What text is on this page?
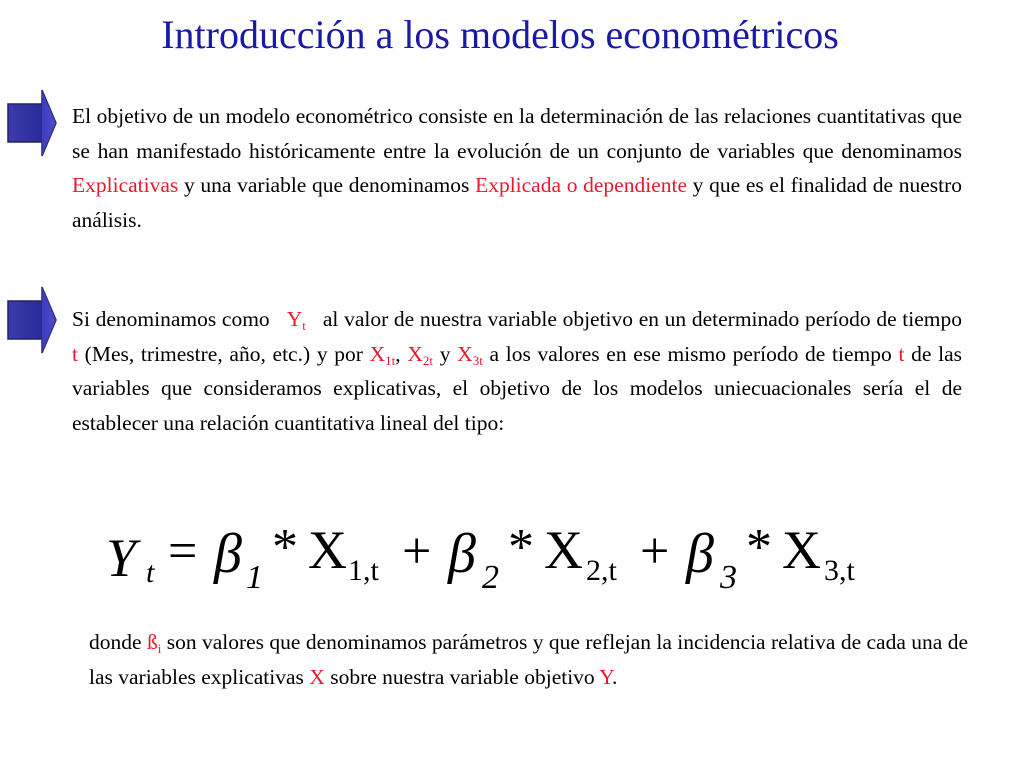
Introducción a los modelos econométricos
El objetivo de un modelo econométrico consiste en la determinación de las relaciones cuantitativas que se han manifestado históricamente entre la evolución de un conjunto de variables que denominamos Explicativas y una variable que denominamos Explicada o dependiente y que es el finalidad de nuestro análisis.
Si denominamos como   $Y_t$   al valor de nuestra variable objetivo en un determinado período de tiempo t (Mes, trimestre, año, etc.) y por $X_{1t}$, $X_{2t}$ y $X_{3t}$ a los valores en ese mismo período de tiempo t de las variables que consideramos explicativas, el objetivo de los modelos uniecuacionales sería el de establecer una relación cuantitativa lineal del tipo:
Y t = β 1
* X 1,t + β 2
* X 2,t + β 3
* X 3,t
donde $ß_i$ son valores que denominamos parámetros y que reflejan la incidencia relativa de cada una de las variables explicativas X sobre nuestra variable objetivo Y.
